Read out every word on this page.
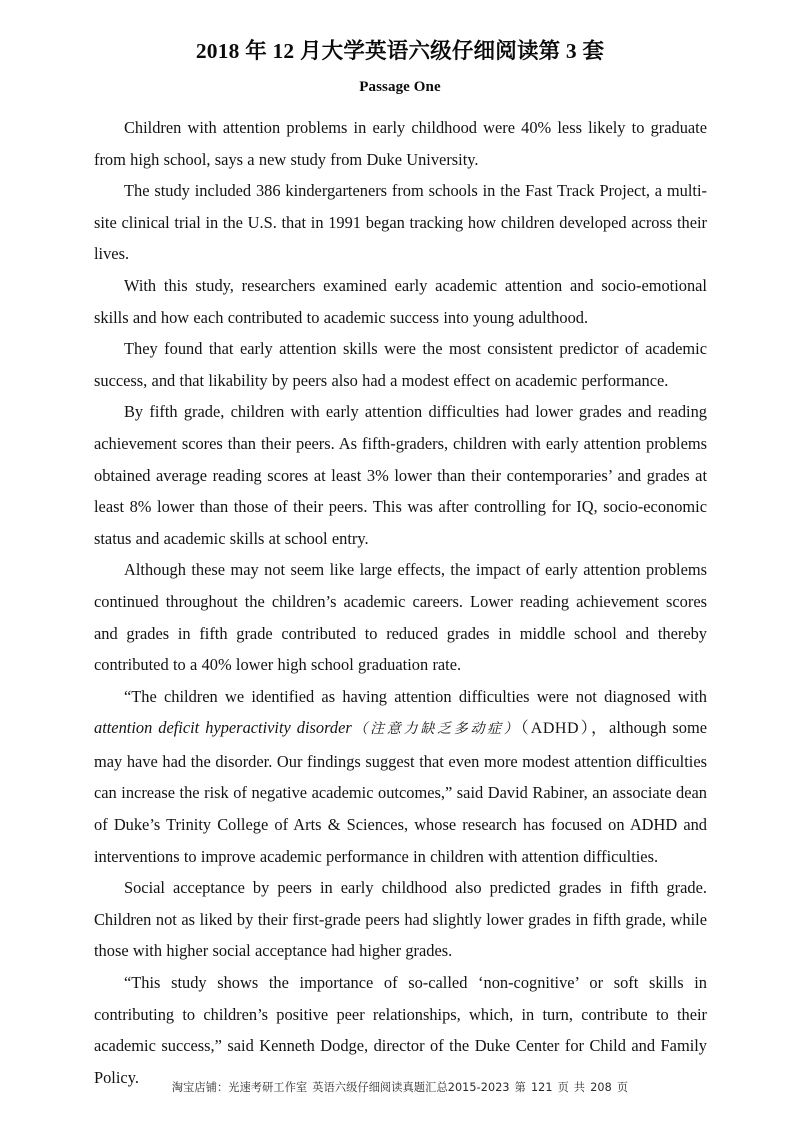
2018 年 12 月大学英语六级仔细阅读第 3 套
Passage One

Children with attention problems in early childhood were 40% less likely to graduate from high school, says a new study from Duke University.

The study included 386 kindergarteners from schools in the Fast Track Project, a multi-site clinical trial in the U.S. that in 1991 began tracking how children developed across their lives.

With this study, researchers examined early academic attention and socio-emotional skills and how each contributed to academic success into young adulthood.

They found that early attention skills were the most consistent predictor of academic success, and that likability by peers also had a modest effect on academic performance.

By fifth grade, children with early attention difficulties had lower grades and reading achievement scores than their peers. As fifth-graders, children with early attention problems obtained average reading scores at least 3% lower than their contemporaries’ and grades at least 8% lower than those of their peers. This was after controlling for IQ, socio-economic status and academic skills at school entry.

Although these may not seem like large effects, the impact of early attention problems continued throughout the children’s academic careers. Lower reading achievement scores and grades in fifth grade contributed to reduced grades in middle school and thereby contributed to a 40% lower high school graduation rate.

“The children we identified as having attention difficulties were not diagnosed with attention deficit hyperactivity disorder（注意力缺乏多动症）（ADHD），although some may have had the disorder. Our findings suggest that even more modest attention difficulties can increase the risk of negative academic outcomes,” said David Rabiner, an associate dean of Duke’s Trinity College of Arts & Sciences, whose research has focused on ADHD and interventions to improve academic performance in children with attention difficulties.

Social acceptance by peers in early childhood also predicted grades in fifth grade. Children not as liked by their first-grade peers had slightly lower grades in fifth grade, while those with higher social acceptance had higher grades.

“This study shows the importance of so-called ‘non-cognitive’ or soft skills in contributing to children’s positive peer relationships, which, in turn, contribute to their academic success,” said Kenneth Dodge, director of the Duke Center for Child and Family Policy.

淘宝店铺：光速考研工作室 英语六级仔细阅读真题汇总2015-2023 第 121 页 共 208 页
